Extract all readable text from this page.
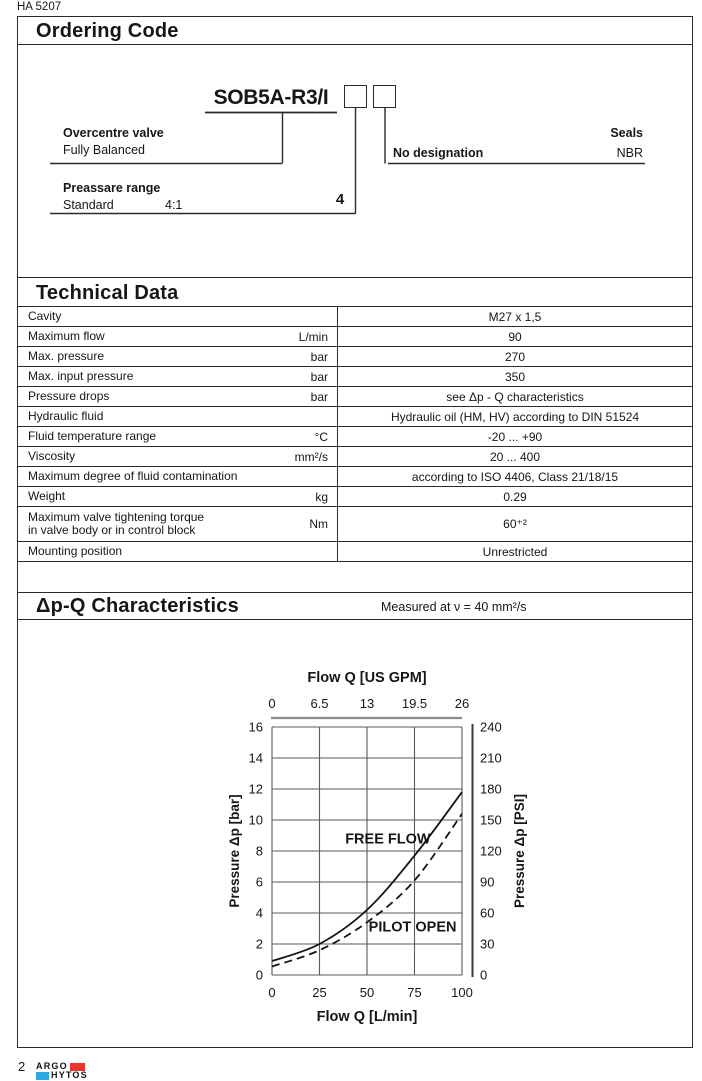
HA 5207
Ordering Code
SOB5A-R3/I
Overcentre valve
Fully Balanced
Preassare range
Standard	4:1	4
Seals
No designation	NBR
Technical Data
Cavity	M27 x 1,5
Maximum flow	L/min	90
Max. pressure	bar	270
Max. input pressure	bar	350
Pressure drops	bar	see Δp - Q characteristics
Hydraulic fluid	Hydraulic oil (HM, HV) according to DIN 51524
Fluid temperature range	°C	-20 ... +90
Viscosity	mm²/s	20 ... 400
Maximum degree of fluid contamination	according to ISO 4406, Class 21/18/15
Weight	kg	0.29
Maximum valve tightening torque
in valve body or in control block	Nm	60⁺²
Mounting position	Unrestricted
Δp-Q Characteristics	Measured at ν = 40 mm²/s
0
2
4
6
8
10
12
14
16
0
30
60
90
120
150
180
210
240
0	25	50	75 100
0	6.5 13 19.5 26
Flow Q [US GPM]
Flow Q [L/min]
Pressure Δp [bar]	Pressure Δp [PSI]
FREE FLOW
PILOT OPEN
2 ARGO
HYTOS
